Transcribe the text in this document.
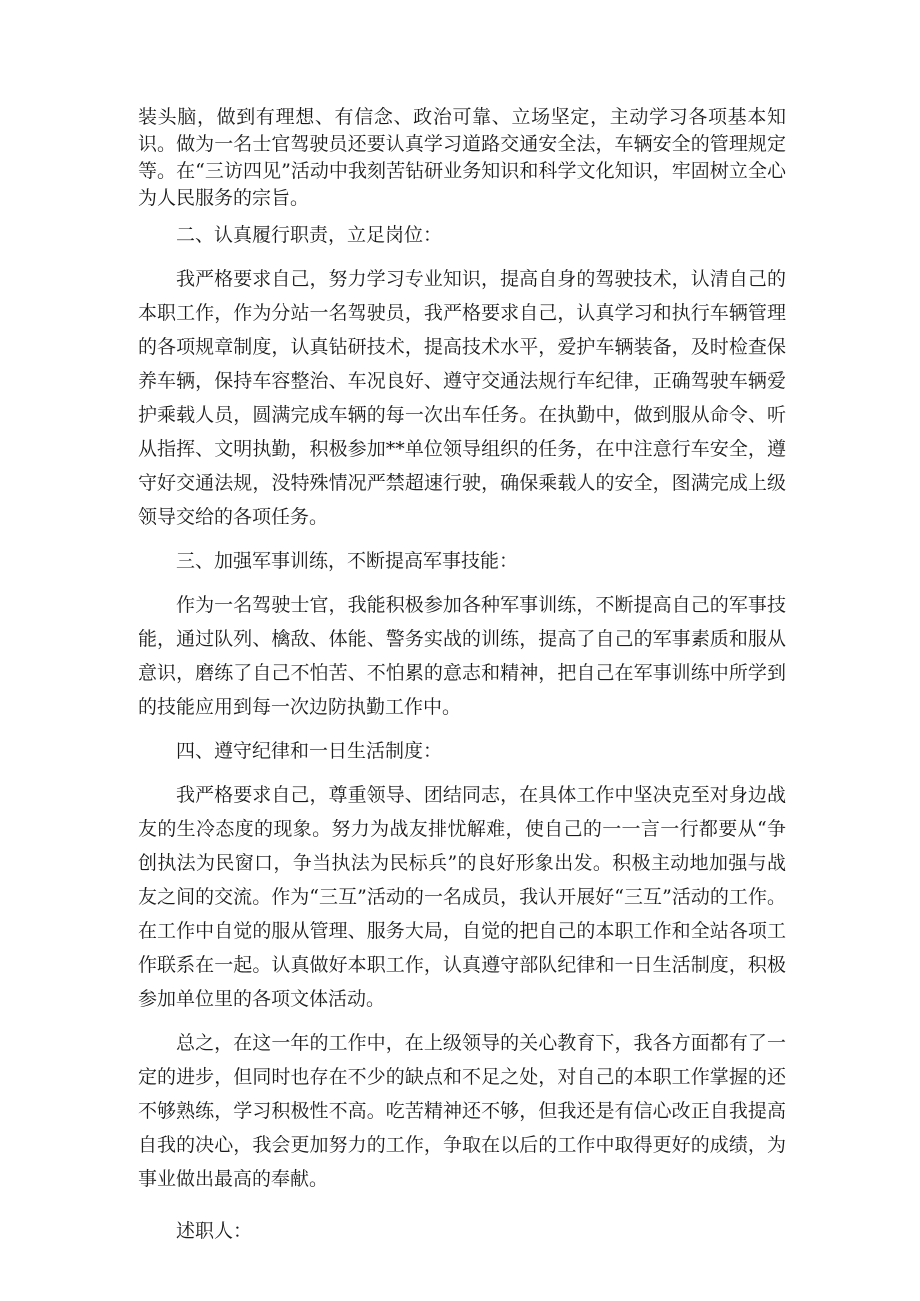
装头脑，做到有理想、有信念、政治可靠、立场坚定，主动学习各项基本知识。做为一名士官驾驶员还要认真学习道路交通安全法，车辆安全的管理规定等。在“三访四见”活动中我刻苦钻研业务知识和科学文化知识，牢固树立全心为人民服务的宗旨。

二、认真履行职责，立足岗位：

我严格要求自己，努力学习专业知识，提高自身的驾驶技术，认清自己的本职工作，作为分站一名驾驶员，我严格要求自己，认真学习和执行车辆管理的各项规章制度，认真钻研技术，提高技术水平，爱护车辆装备，及时检查保养车辆，保持车容整治、车况良好、遵守交通法规行车纪律，正确驾驶车辆爱护乘载人员，圆满完成车辆的每一次出车任务。在执勤中，做到服从命令、听从指挥、文明执勤，积极参加**单位领导组织的任务，在中注意行车安全，遵守好交通法规，没特殊情况严禁超速行驶，确保乘载人的安全，图满完成上级领导交给的各项任务。

三、加强军事训练，不断提高军事技能：

作为一名驾驶士官，我能积极参加各种军事训练，不断提高自己的军事技能，通过队列、檎敌、体能、警务实战的训练，提高了自己的军事素质和服从意识，磨练了自己不怕苦、不怕累的意志和精神，把自己在军事训练中所学到的技能应用到每一次边防执勤工作中。

四、遵守纪律和一日生活制度：

我严格要求自己，尊重领导、团结同志，在具体工作中坚决克至对身边战友的生冷态度的现象。努力为战友排忧解难，使自己的一一言一行都要从“争创执法为民窗口，争当执法为民标兵”的良好形象出发。积极主动地加强与战友之间的交流。作为“三互”活动的一名成员，我认开展好“三互”活动的工作。在工作中自觉的服从管理、服务大局，自觉的把自己的本职工作和全站各项工作联系在一起。认真做好本职工作，认真遵守部队纪律和一日生活制度，积极参加单位里的各项文体活动。

总之，在这一年的工作中，在上级领导的关心教育下，我各方面都有了一定的进步，但同时也存在不少的缺点和不足之处，对自己的本职工作掌握的还不够熟练，学习积极性不高。吃苦精神还不够，但我还是有信心改正自我提高自我的决心，我会更加努力的工作，争取在以后的工作中取得更好的成绩，为事业做出最高的奉献。

述职人：
